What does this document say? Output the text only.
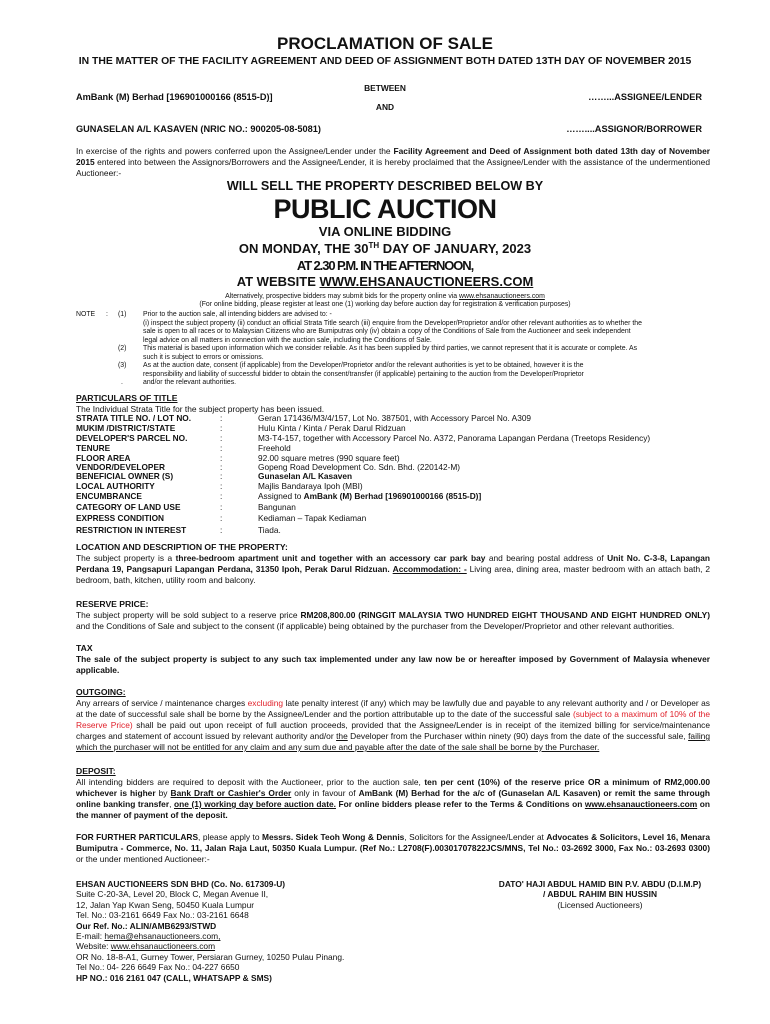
PROCLAMATION OF SALE
IN THE MATTER OF THE FACILITY AGREEMENT AND DEED OF ASSIGNMENT BOTH DATED 13TH DAY OF NOVEMBER 2015
BETWEEN
AmBank (M) Berhad [196901000166 (8515-D)]	……...ASSIGNEE/LENDER
AND
GUNASELAN A/L KASAVEN (NRIC NO.: 900205-08-5081)	……....ASSIGNOR/BORROWER
In exercise of the rights and powers conferred upon the Assignee/Lender under the Facility Agreement and Deed of Assignment both dated 13th day of November 2015 entered into between the Assignors/Borrowers and the Assignee/Lender, it is hereby proclaimed that the Assignee/Lender with the assistance of the undermentioned Auctioneer:-
WILL SELL THE PROPERTY DESCRIBED BELOW BY
PUBLIC AUCTION
VIA ONLINE BIDDING
ON MONDAY, THE 30TH DAY OF JANUARY, 2023
AT 2.30 P.M. IN THE AFTERNOON,
AT WEBSITE WWW.EHSANAUCTIONEERS.COM
Alternatively, prospective bidders may submit bids for the property online via www.ehsanauctioneers.com
(For online bidding, please register at least one (1) working day before auction day for registration & verification purposes)
NOTE : (1) Prior to the auction sale, all intending bidders are advised to: -
(i) inspect the subject property (ii) conduct an official Strata Title search (iii) enquire from the Developer/Proprietor and/or other relevant authorities as to whether the
sale is open to all races or to Malaysian Citizens who are Bumiputras only (iv) obtain a copy of the Conditions of Sale from the Auctioneer and seek independent
legal advice on all matters in connection with the auction sale, including the Conditions of Sale.
(2) This material is based upon information which we consider reliable. As it has been supplied by third parties, we cannot represent that it is accurate or complete. As
such it is subject to errors or omissions.
(3) As at the auction date, consent (if applicable) from the Developer/Proprietor and/or the relevant authorities is yet to be obtained, however it is the
responsibility and liability of successful bidder to obtain the consent/transfer (if applicable) pertaining to the auction from the Developer/Proprietor
.	and/or the relevant authorities.
PARTICULARS OF TITLE
The Individual Strata Title for the subject property has been issued.
STRATA TITLE NO. / LOT NO.	:	Geran 171436/M3/4/157, Lot No. 387501, with Accessory Parcel No. A309
MUKIM /DISTRICT/STATE	:	Hulu Kinta / Kinta / Perak Darul Ridzuan
DEVELOPER'S PARCEL NO.	:	M3-T4-157, together with Accessory Parcel No. A372, Panorama Lapangan Perdana (Treetops Residency)
TENURE	:	Freehold
FLOOR AREA	:	92.00 square metres (990 square feet)
VENDOR/DEVELOPER	:	Gopeng Road Development Co. Sdn. Bhd. (220142-M)
BENEFICIAL OWNER (S)	:	Gunaselan A/L Kasaven
LOCAL AUTHORITY	:	Majlis Bandaraya Ipoh (MBI)
ENCUMBRANCE	:	Assigned to AmBank (M) Berhad [196901000166 (8515-D)]
CATEGORY OF LAND USE	:	Bangunan
EXPRESS CONDITION	:	Kediaman – Tapak Kediaman
RESTRICTION IN INTEREST	:	Tiada.
LOCATION AND DESCRIPTION OF THE PROPERTY:
The subject property is a three-bedroom apartment unit and together with an accessory car park bay and bearing postal address of Unit No. C-3-8, Lapangan Perdana 19, Pangsapuri Lapangan Perdana, 31350 Ipoh, Perak Darul Ridzuan. Accommodation: - Living area, dining area, master bedroom with an attach bath, 2 bedroom, bath, kitchen, utility room and balcony.
RESERVE PRICE:
The subject property will be sold subject to a reserve price RM208,800.00 (RINGGIT MALAYSIA TWO HUNDRED EIGHT THOUSAND AND EIGHT HUNDRED ONLY) and the Conditions of Sale and subject to the consent (if applicable) being obtained by the purchaser from the Developer/Proprietor and other relevant authorities.
TAX
The sale of the subject property is subject to any such tax implemented under any law now be or hereafter imposed by Government of Malaysia whenever applicable.
OUTGOING:
Any arrears of service / maintenance charges excluding late penalty interest (if any) which may be lawfully due and payable to any relevant authority and / or Developer as at the date of successful sale shall be borne by the Assignee/Lender and the portion attributable up to the date of the successful sale (subject to a maximum of 10% of the Reserve Price) shall be paid out upon receipt of full auction proceeds, provided that the Assignee/Lender is in receipt of the itemized billing for service/maintenance charges and statement of account issued by relevant authority and/or the Developer from the Purchaser within ninety (90) days from the date of the successful sale, failing which the purchaser will not be entitled for any claim and any sum due and payable after the date of the sale shall be borne by the Purchaser.
DEPOSIT:
All intending bidders are required to deposit with the Auctioneer, prior to the auction sale, ten per cent (10%) of the reserve price OR a minimum of RM2,000.00 whichever is higher by Bank Draft or Cashier's Order only in favour of AmBank (M) Berhad for the a/c of (Gunaselan A/L Kasaven) or remit the same through online banking transfer, one (1) working day before auction date. For online bidders please refer to the Terms & Conditions on www.ehsanauctioneers.com on the manner of payment of the deposit.
FOR FURTHER PARTICULARS, please apply to Messrs. Sidek Teoh Wong & Dennis, Solicitors for the Assignee/Lender at Advocates & Solicitors, Level 16, Menara Bumiputra - Commerce, No. 11, Jalan Raja Laut, 50350 Kuala Lumpur. (Ref No.: L2708(F).00301707822JCS/MNS, Tel No.: 03-2692 3000, Fax No.: 03-2693 0300) or the under mentioned Auctioneer:-
EHSAN AUCTIONEERS SDN BHD (Co. No. 617309-U)
Suite C-20-3A, Level 20, Block C, Megan Avenue II,
12, Jalan Yap Kwan Seng, 50450 Kuala Lumpur
Tel. No.: 03-2161 6649 Fax No.: 03-2161 6648
Our Ref. No.: ALIN/AMB6293/STWD
E-mail: hema@ehsanauctioneers.com,
Website: www.ehsanauctioneers.com
OR No. 18-8-A1, Gurney Tower, Persiaran Gurney, 10250 Pulau Pinang.
Tel No.: 04- 226 6649 Fax No.: 04-227 6650
HP NO.: 016 2161 047 (CALL, WHATSAPP & SMS)
DATO' HAJI ABDUL HAMID BIN P.V. ABDU (D.I.M.P)
/ ABDUL RAHIM BIN HUSSIN
(Licensed Auctioneers)
